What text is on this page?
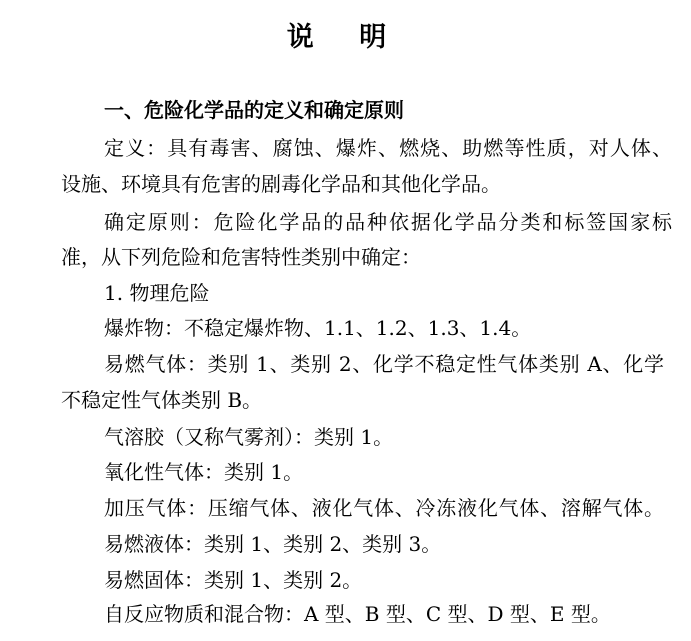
说 明
一、危险化学品的定义和确定原则
定义：具有毒害、腐蚀、爆炸、燃烧、助燃等性质，对人体、
设施、环境具有危害的剧毒化学品和其他化学品。
确定原则：危险化学品的品种依据化学品分类和标签国家标
准，从下列危险和危害特性类别中确定：
1. 物理危险
爆炸物：不稳定爆炸物、1.1、1.2、1.3、1.4。
易燃气体：类别 1、类别 2、化学不稳定性气体类别 A、化学
不稳定性气体类别 B。
气溶胶（又称气雾剂）：类别 1。
氧化性气体：类别 1。
加压气体：压缩气体、液化气体、冷冻液化气体、溶解气体。
易燃液体：类别 1、类别 2、类别 3。
易燃固体：类别 1、类别 2。
自反应物质和混合物：A 型、B 型、C 型、D 型、E 型。
